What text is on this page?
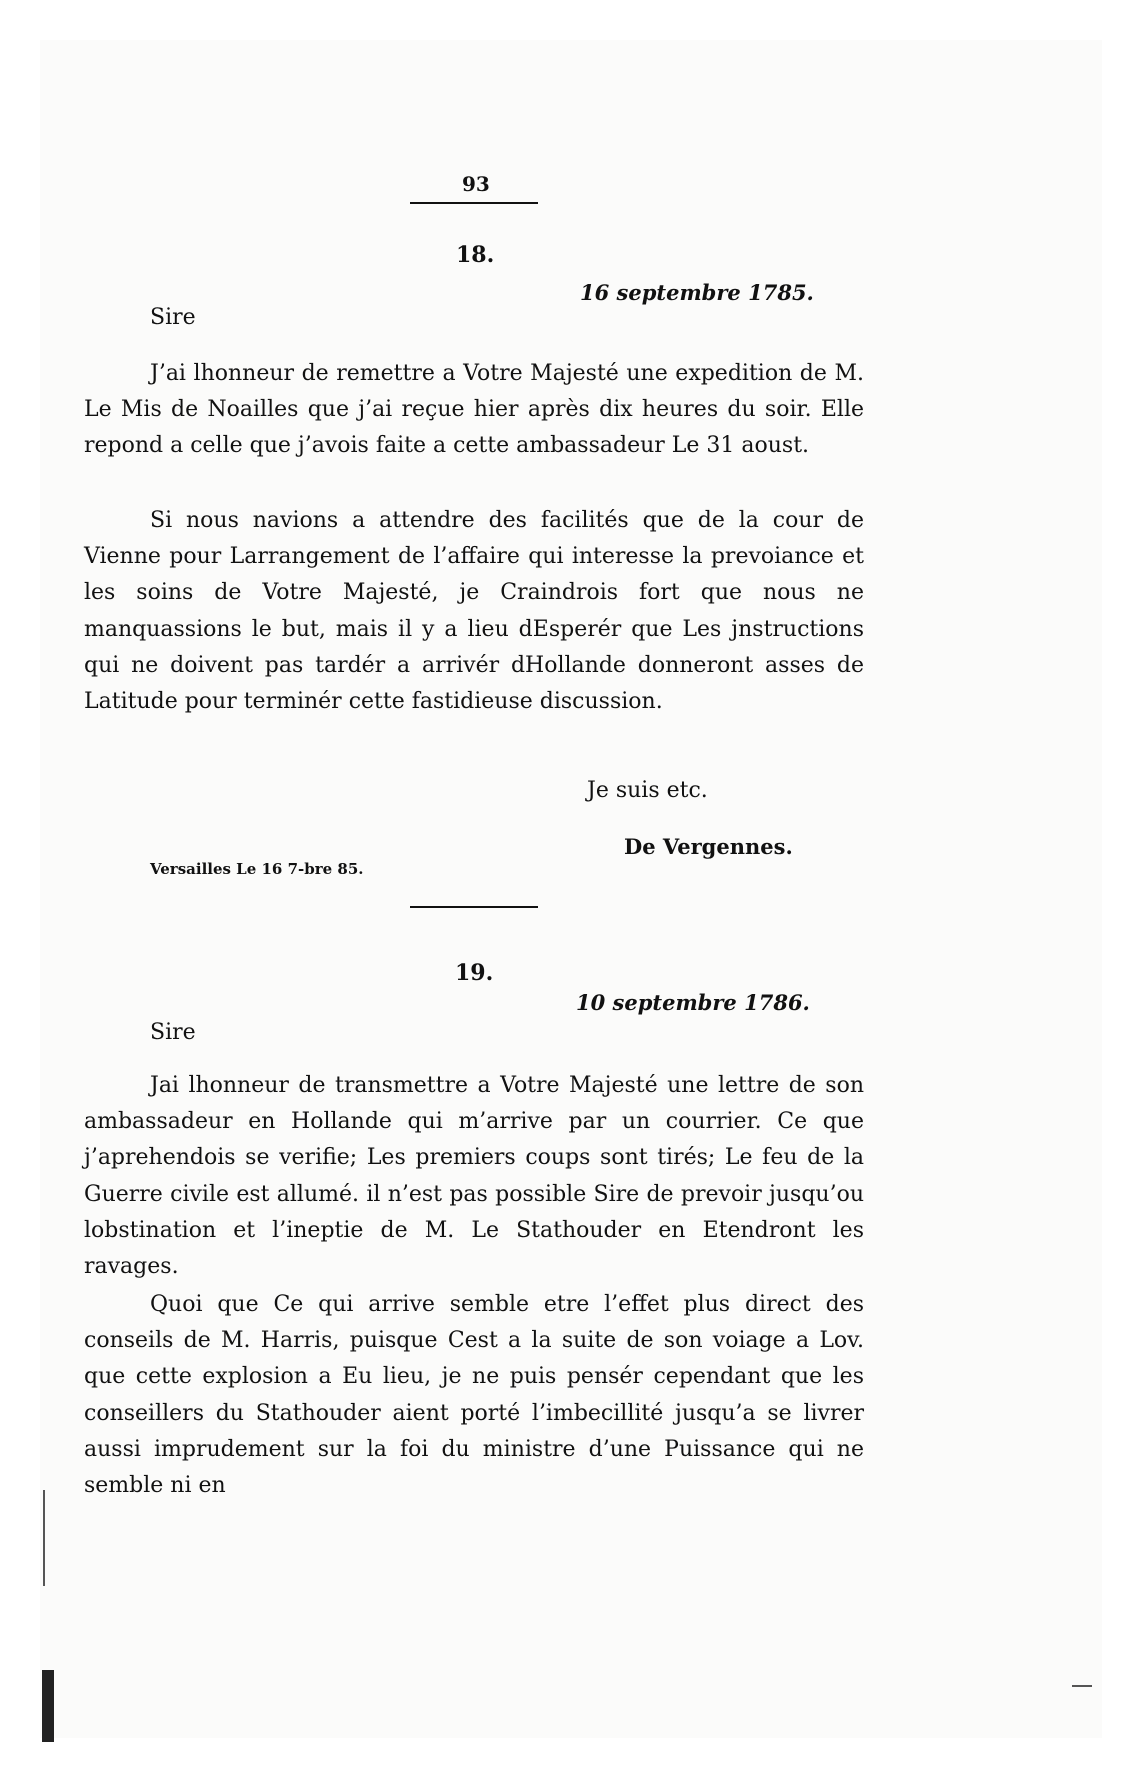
93
18.
16 septembre 1785.
Sire

J’ai lhonneur de remettre a Votre Majesté une expedition de M. Le Mis de Noailles que j’ai reçue hier après dix heures du soir. Elle repond a celle que j’avois faite a cette ambassadeur Le 31 aoust.

Si nous navions a attendre des facilités que de la cour de Vienne pour Larrangement de l’affaire qui interesse la prevoiance et les soins de Votre Majesté, je Craindrois fort que nous ne manquassions le but, mais il y a lieu dEsperér que Les jnstructions qui ne doivent pas tardér a arrivér dHollande donneront asses de Latitude pour terminér cette fastidieuse discussion.

Je suis etc.
De Vergennes.
Versailles Le 16 7-bre 85.
19.
10 septembre 1786.
Sire

Jai lhonneur de transmettre a Votre Majesté une lettre de son ambassadeur en Hollande qui m’arrive par un courrier. Ce que j’aprehendois se verifie; Les premiers coups sont tirés; Le feu de la Guerre civile est allumé. il n’est pas possible Sire de prevoir jusqu’ou lobstination et l’ineptie de M. Le Stathouder en Etendront les ravages.

Quoi que Ce qui arrive semble etre l’effet plus direct des conseils de M. Harris, puisque Cest a la suite de son voiage a Lov. que cette explosion a Eu lieu, je ne puis pensér cependant que les conseillers du Stathouder aient porté l’imbecillité jusqu’a se livrer aussi imprudement sur la foi du ministre d’une Puissance qui ne semble ni en
